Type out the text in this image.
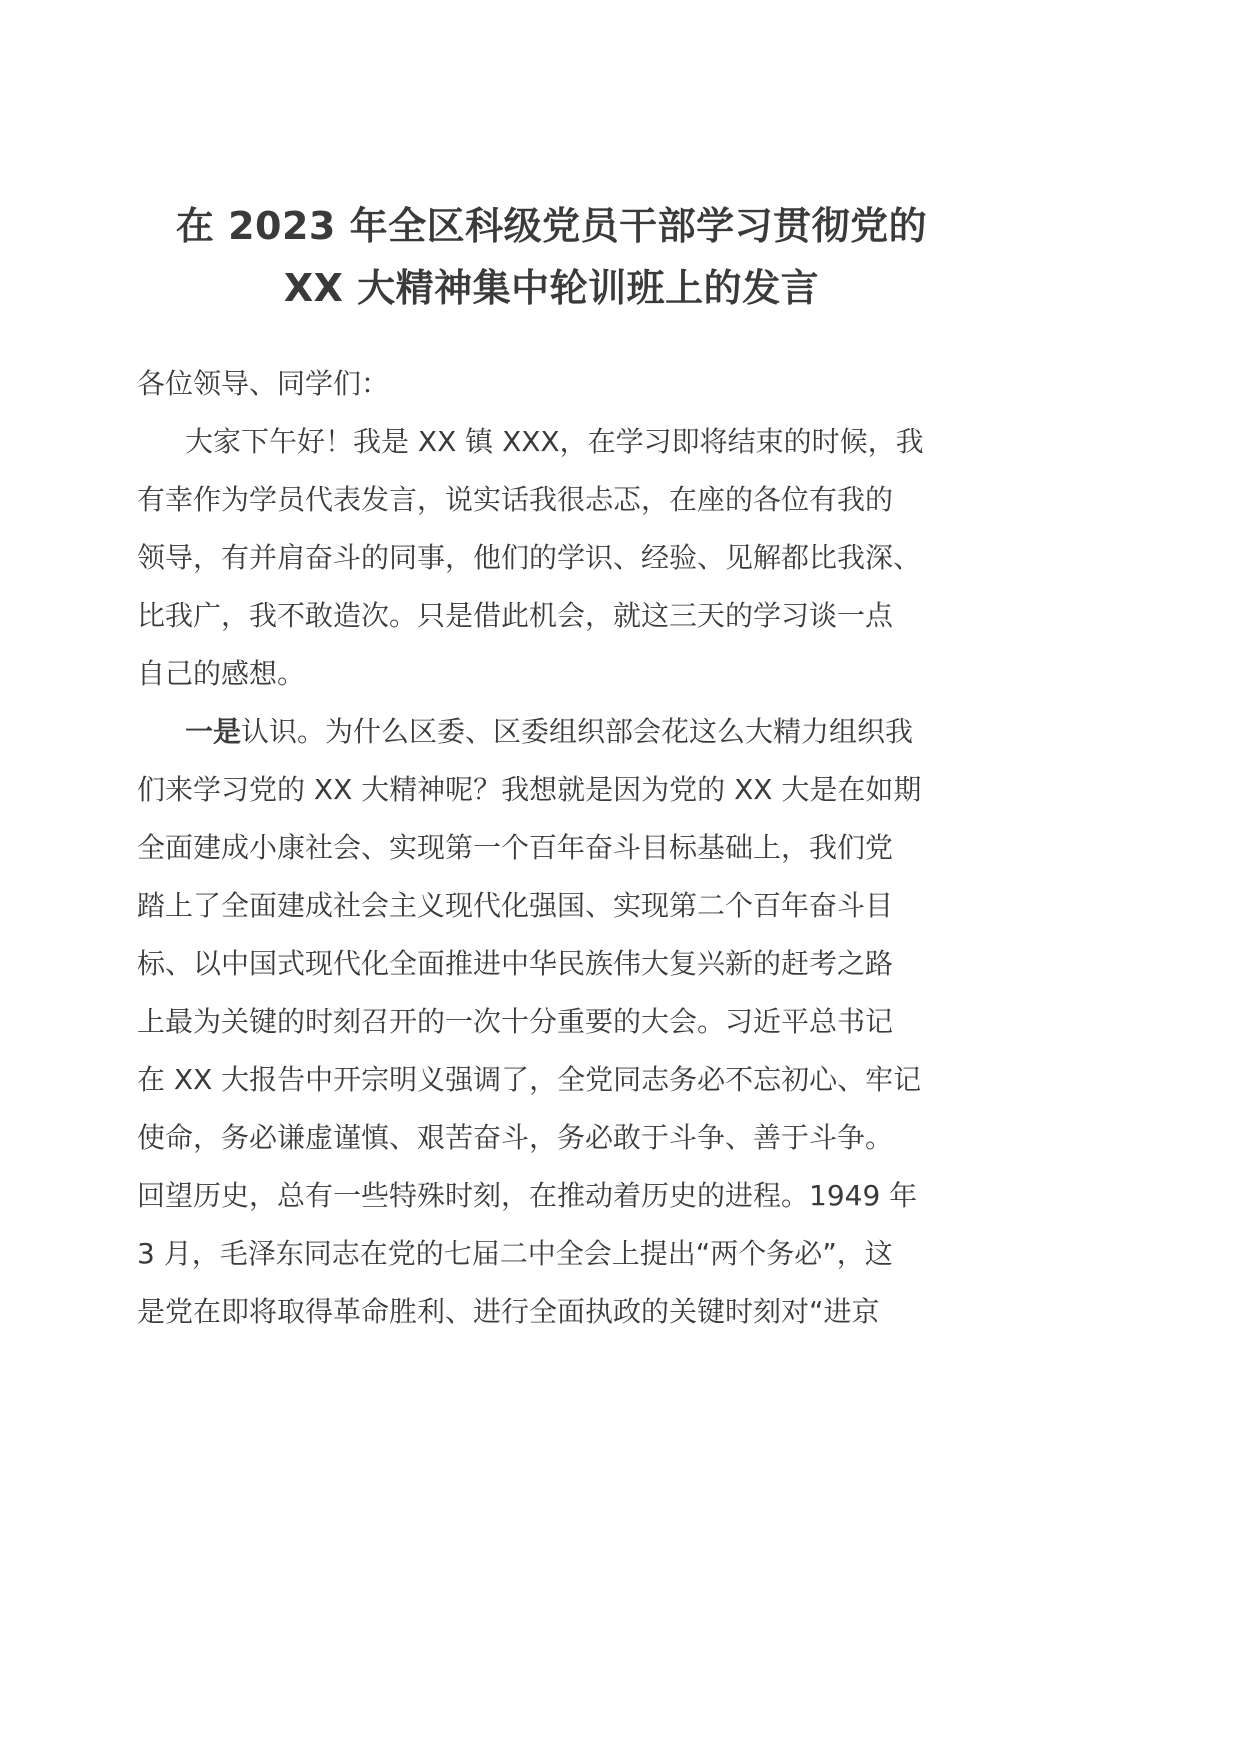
在 2023 年全区科级党员干部学习贯彻党的
XX 大精神集中轮训班上的发言
各位领导、同学们：
大家下午好！我是 XX 镇 XXX，在学习即将结束的时候，我
有幸作为学员代表发言，说实话我很忐忑，在座的各位有我的
领导，有并肩奋斗的同事，他们的学识、经验、见解都比我深、
比我广，我不敢造次。只是借此机会，就这三天的学习谈一点
自己的感想。
一是认识。为什么区委、区委组织部会花这么大精力组织我
们来学习党的 XX 大精神呢？我想就是因为党的 XX 大是在如期
全面建成小康社会、实现第一个百年奋斗目标基础上，我们党
踏上了全面建成社会主义现代化强国、实现第二个百年奋斗目
标、以中国式现代化全面推进中华民族伟大复兴新的赶考之路
上最为关键的时刻召开的一次十分重要的大会。习近平总书记
在 XX 大报告中开宗明义强调了，全党同志务必不忘初心、牢记
使命，务必谦虚谨慎、艰苦奋斗，务必敢于斗争、善于斗争。
回望历史，总有一些特殊时刻，在推动着历史的进程。1949 年
3 月，毛泽东同志在党的七届二中全会上提出“两个务必”，这
是党在即将取得革命胜利、进行全面执政的关键时刻对“进京
